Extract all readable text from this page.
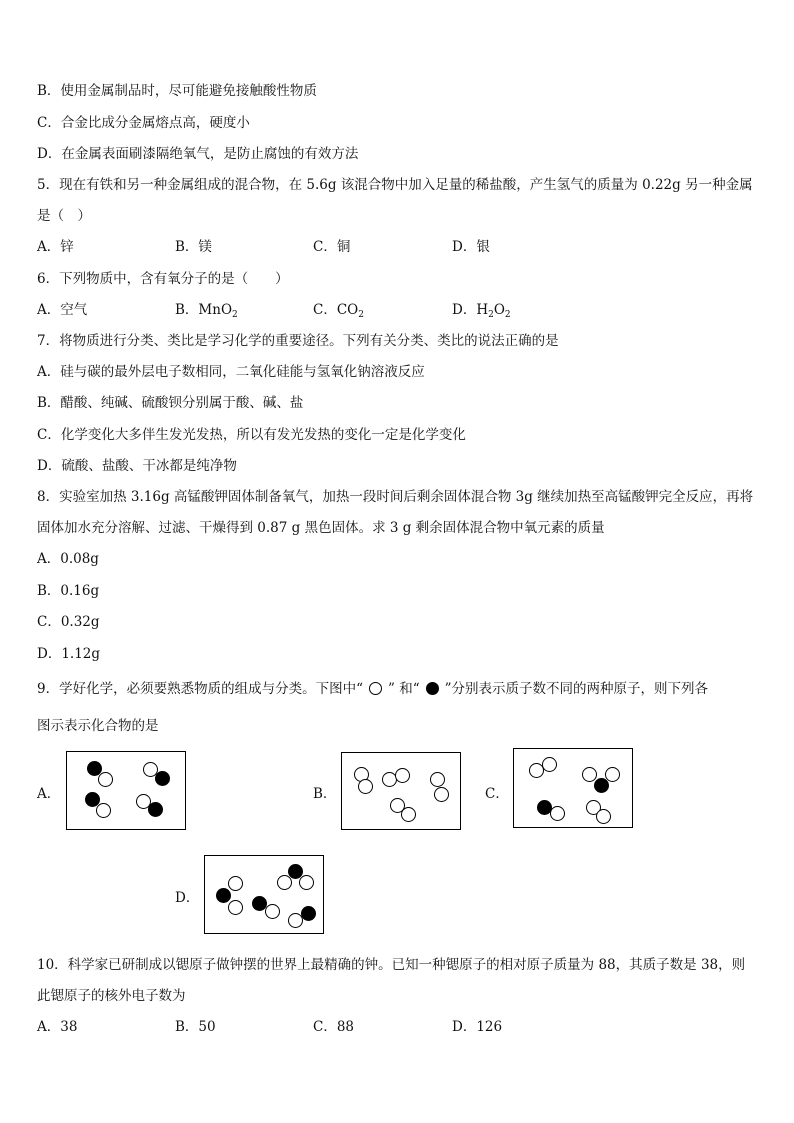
B．使用金属制品时，尽可能避免接触酸性物质
C．合金比成分金属熔点高，硬度小
D．在金属表面刷漆隔绝氧气，是防止腐蚀的有效方法
5．现在有铁和另一种金属组成的混合物，在 5.6g 该混合物中加入足量的稀盐酸，产生氢气的质量为 0.22g 另一种金属
是（　）
A．锌	B．镁	C．铜	D．银
6．下列物质中，含有氧分子的是（　　）
A．空气	B．MnO$_2$	C．$CO_2$	D．$H_2O_2$
7．将物质进行分类、类比是学习化学的重要途径。下列有关分类、类比的说法正确的是
A．硅与碳的最外层电子数相同，二氧化硅能与氢氧化钠溶液反应
B．醋酸、纯碱、硫酸钡分别属于酸、碱、盐
C．化学变化大多伴生发光发热，所以有发光发热的变化一定是化学变化
D．硫酸、盐酸、干冰都是纯净物
8．实验室加热 3.16g 高锰酸钾固体制备氧气，加热一段时间后剩余固体混合物 3g 继续加热至高锰酸钾完全反应，再将
固体加水充分溶解、过滤、干燥得到 0.87 g 黑色固体。求 3 g 剩余固体混合物中氧元素的质量
A．0.08g
B．0.16g
C．0.32g
D．1.12g
9．学好化学，必须要熟悉物质的组成与分类。下图中“ ” 和“ ”分别表示质子数不同的两种原子，则下列各
图示表示化合物的是
A．	B．	C．
D．
10．科学家已研制成以锶原子做钟摆的世界上最精确的钟。已知一种锶原子的相对原子质量为 88，其质子数是 38，则
此锶原子的核外电子数为
A．38	B．50	C．88	D．126
